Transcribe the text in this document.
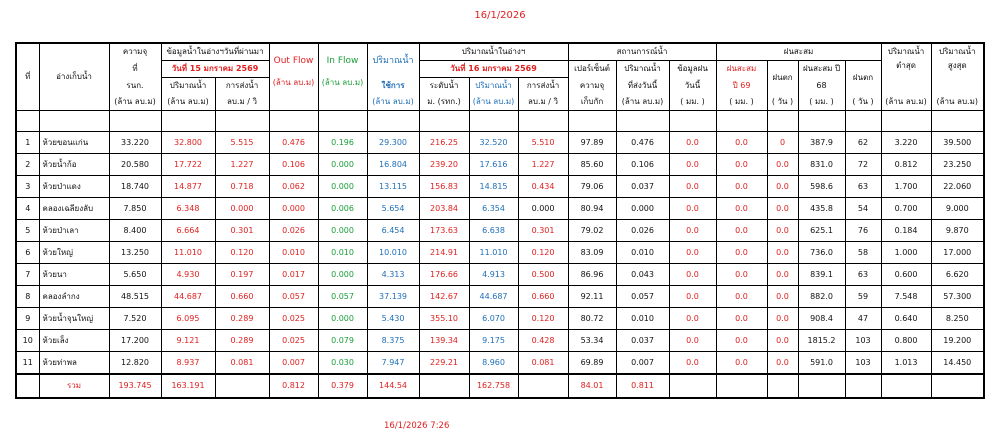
16/1/2026
ที่	อ่างเก็บน้ำ	ความจุ	ข้อมูลน้ำในอ่างฯวันที่ผ่านมา		Out Flow	In Flow	ปริมาณน้ำ	ปริมาณน้ำในอ่างฯ			สถานการณ์น้ำ			ฝนสะสม				ปริมาณน้ำ	ปริมาณน้ำ
		ที่	วันที่ 15 มกราคม 2569					วันที่ 16 มกราคม 2569			เปอร์เซ็นต์	ปริมาณน้ำ	ข้อมูลฝน	ฝนสะสม	ฝนตก	ฝนสะสม ปี	ฝนตก	ต่ำสุด	สูงสุด
		รนก.	ปริมาณน้ำ	การส่งน้ำ	(ล้าน ลบ.ม)	(ล้าน ลบ.ม)	ใช้การ	ระดับน้ำ	ปริมาณน้ำ	การส่งน้ำ	ความจุ	ที่ส่งวันนี้	วันนี้	ปี 69		68			
		(ล้าน ลบ.ม)	(ล้าน ลบ.ม)	ลบ.ม / วิ			(ล้าน ลบ.ม)	ม. (รทก.)	(ล้าน ลบ.ม)	ลบ.ม / วิ	เก็บกัก	(ล้าน ลบ.ม)	( มม. )	( มม. )	( วัน )	( มม. )	( วัน )	(ล้าน ลบ.ม)	(ล้าน ลบ.ม)

1	ห้วยขอนแก่น	33.220	32.800	5.515	0.476	0.196	29.300	216.25	32.520	5.510	97.89	0.476	0.0	0.0	0	387.9	62	3.220	39.500
2	ห้วยน้ำก้อ	20.580	17.722	1.227	0.106	0.000	16.804	239.20	17.616	1.227	85.60	0.106	0.0	0.0	0.0	831.0	72	0.812	23.250
3	ห้วยป่าแดง	18.740	14.877	0.718	0.062	0.000	13.115	156.83	14.815	0.434	79.06	0.037	0.0	0.0	0.0	598.6	63	1.700	22.060
4	คลองเฉลียงลับ	7.850	6.348	0.000	0.000	0.006	5.654	203.84	6.354	0.000	80.94	0.000	0.0	0.0	0.0	435.8	54	0.700	9.000
5	ห้วยป่าเลา	8.400	6.664	0.301	0.026	0.000	6.454	173.63	6.638	0.301	79.02	0.026	0.0	0.0	0.0	625.1	76	0.184	9.870
6	ห้วยใหญ่	13.250	11.010	0.120	0.010	0.010	10.010	214.91	11.010	0.120	83.09	0.010	0.0	0.0	0.0	736.0	58	1.000	17.000
7	ห้วยนา	5.650	4.930	0.197	0.017	0.000	4.313	176.66	4.913	0.500	86.96	0.043	0.0	0.0	0.0	839.1	63	0.600	6.620
8	คลองลำกง	48.515	44.687	0.660	0.057	0.057	37.139	142.67	44.687	0.660	92.11	0.057	0.0	0.0	0.0	882.0	59	7.548	57.300
9	ห้วยน้ำจุนใหญ่	7.520	6.095	0.289	0.025	0.000	5.430	355.10	6.070	0.120	80.72	0.010	0.0	0.0	0.0	908.4	47	0.640	8.250
10	ห้วยเล็ง	17.200	9.121	0.289	0.025	0.079	8.375	139.34	9.175	0.428	53.34	0.037	0.0	0.0	0.0	1815.2	103	0.800	19.200
11	ห้วยท่าพล	12.820	8.937	0.081	0.007	0.030	7.947	229.21	8.960	0.081	69.89	0.007	0.0	0.0	0.0	591.0	103	1.013	14.450
	รวม	193.745	163.191		0.812	0.379	144.54		162.758		84.01	0.811							
16/1/2026 7:26
